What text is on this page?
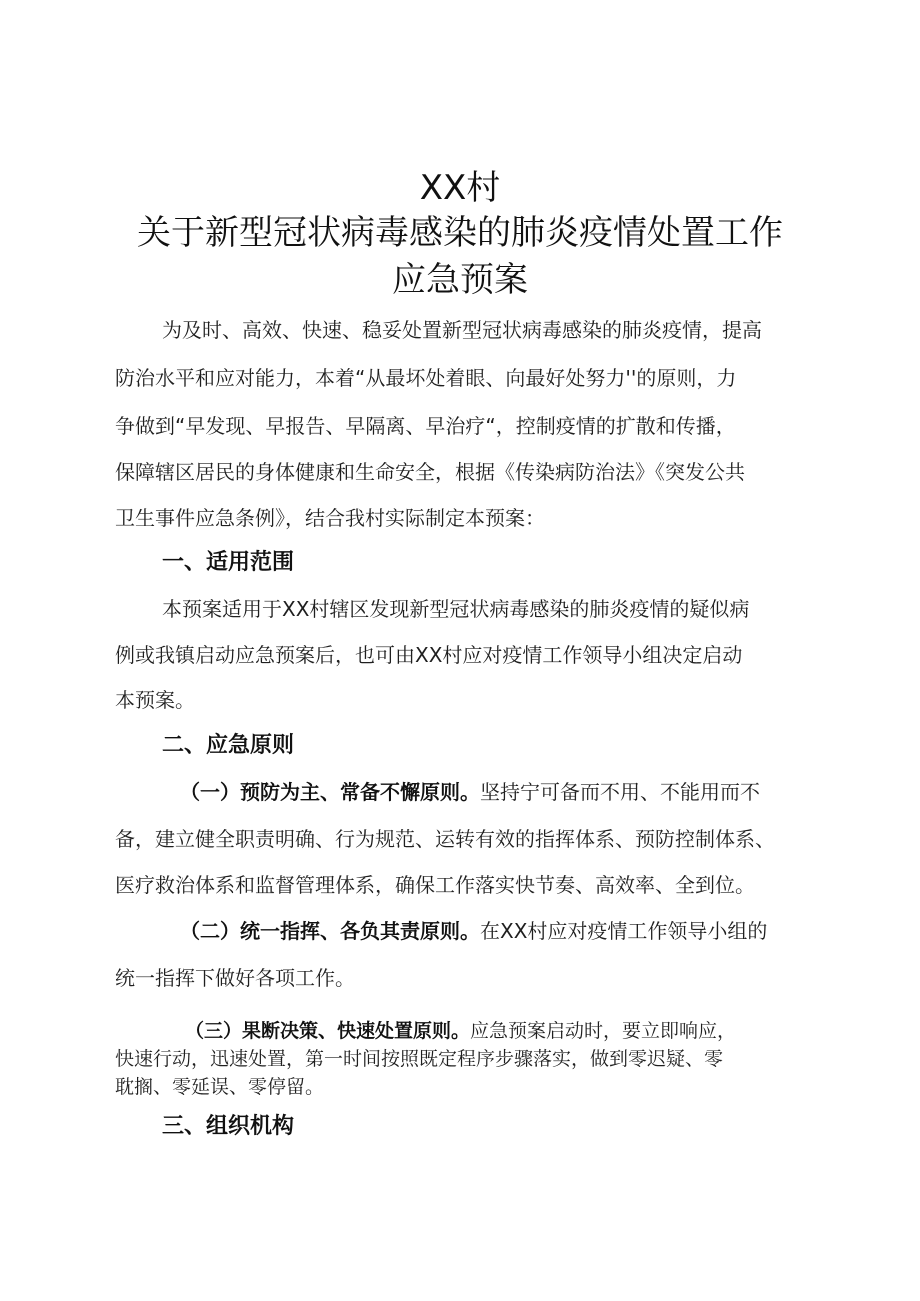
XX村
关于新型冠状病毒感染的肺炎疫情处置工作
应急预案
为及时、高效、快速、稳妥处置新型冠状病毒感染的肺炎疫情，提高
防治水平和应对能力，本着“从最坏处着眼、向最好处努力''的原则，力
争做到“早发现、早报告、早隔离、早治疗“，控制疫情的扩散和传播，
保障辖区居民的身体健康和生命安全，根据《传染病防治法》《突发公共
卫生事件应急条例》，结合我村实际制定本预案：
一、适用范围
本预案适用于XX村辖区发现新型冠状病毒感染的肺炎疫情的疑似病
例或我镇启动应急预案后，也可由XX村应对疫情工作领导小组决定启动
本预案。
二、应急原则
（一）预防为主、常备不懈原则。坚持宁可备而不用、不能用而不
备，建立健全职责明确、行为规范、运转有效的指挥体系、预防控制体系、
医疗救治体系和监督管理体系，确保工作落实快节奏、高效率、全到位。
（二）统一指挥、各负其责原则。在XX村应对疫情工作领导小组的
统一指挥下做好各项工作。
（三）果断决策、快速处置原则。应急预案启动时，要立即响应，
快速行动，迅速处置，第一时间按照既定程序步骤落实，做到零迟疑、零
耽搁、零延误、零停留。
三、组织机构
